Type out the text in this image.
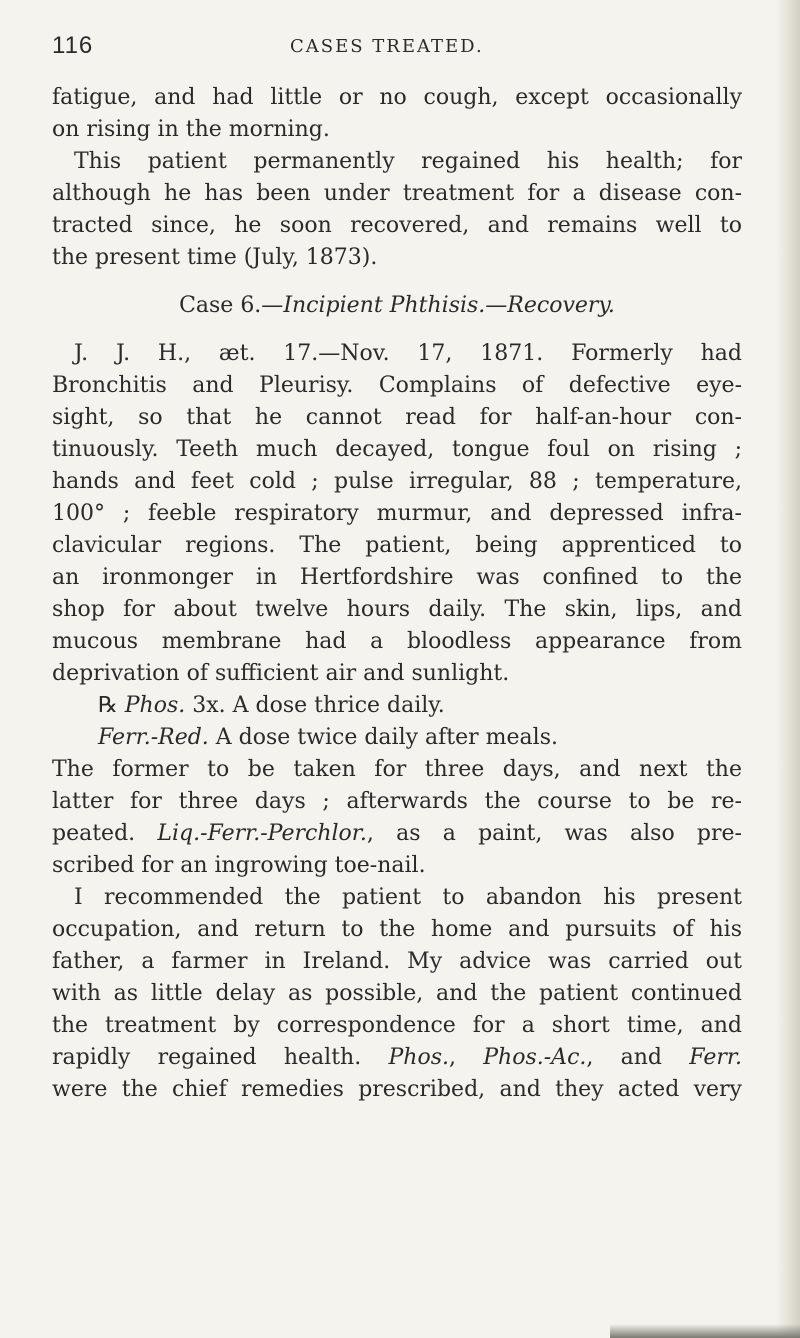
116	CASES TREATED.
fatigue, and had little or no cough, except occasionally
on rising in the morning.
This patient permanently regained his health; for
although he has been under treatment for a disease con-
tracted since, he soon recovered, and remains well to
the present time (July, 1873).
Case 6.—Incipient Phthisis.—Recovery.
J. J. H., æt. 17.—Nov. 17, 1871. Formerly had
Bronchitis and Pleurisy. Complains of defective eye-
sight, so that he cannot read for half-an-hour con-
tinuously. Teeth much decayed, tongue foul on rising ;
hands and feet cold ; pulse irregular, 88 ; temperature,
100° ; feeble respiratory murmur, and depressed infra-
clavicular regions. The patient, being apprenticed to
an ironmonger in Hertfordshire was confined to the
shop for about twelve hours daily. The skin, lips, and
mucous membrane had a bloodless appearance from
deprivation of sufficient air and sunlight.
℞ Phos. 3x. A dose thrice daily.
Ferr.-Red. A dose twice daily after meals.
The former to be taken for three days, and next the
latter for three days ; afterwards the course to be re-
peated. Liq.-Ferr.-Perchlor., as a paint, was also pre-
scribed for an ingrowing toe-nail.
I recommended the patient to abandon his present
occupation, and return to the home and pursuits of his
father, a farmer in Ireland. My advice was carried out
with as little delay as possible, and the patient continued
the treatment by correspondence for a short time, and
rapidly regained health. Phos., Phos.-Ac., and Ferr.
were the chief remedies prescribed, and they acted very
